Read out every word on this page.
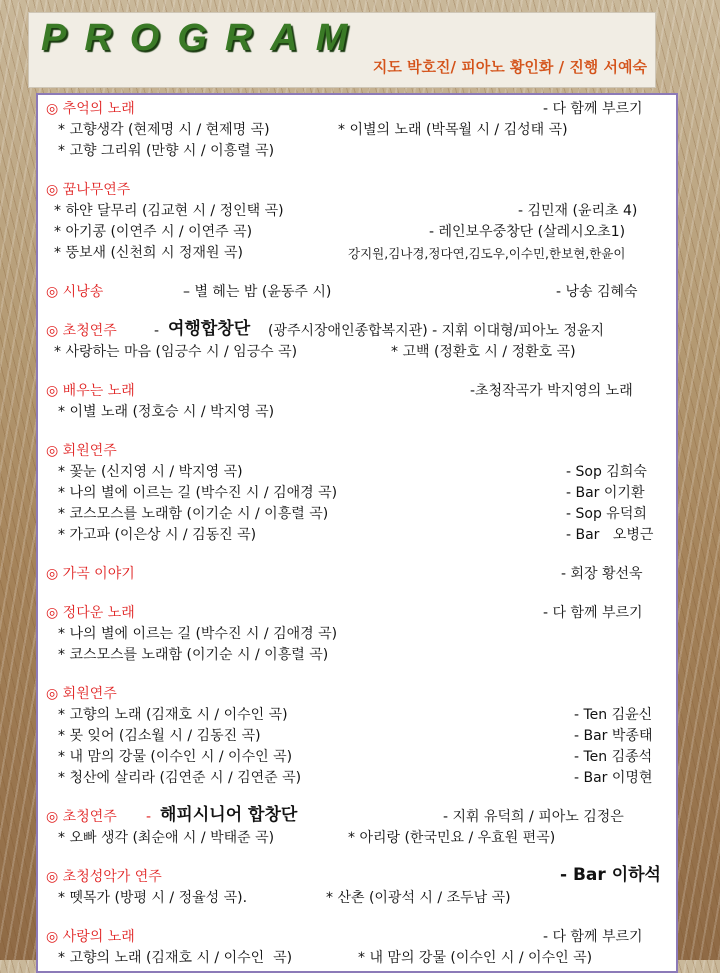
PROGRAM
지도 박호진/ 피아노 황인화 / 진행 서예숙
◎ 추억의 노래	- 다 함께 부르기
* 고향생각 (현제명 시 / 현제명 곡)	* 이별의 노래 (박목월 시 / 김성태 곡)
* 고향 그리워 (만향 시 / 이흥렬 곡)
◎ 꿈나무연주
* 하얀 달무리 (김교현 시 / 정인택 곡)	- 김민재 (윤리초 4)
* 아기콩 (이연주 시 / 이연주 곡)	- 레인보우중창단 (살레시오초1)
* 뚱보새 (신천희 시 정재원 곡)	강지원,김나경,정다연,김도우,이수민,한보현,한윤이
◎ 시낭송	– 별 헤는 밤 (윤동주 시)	- 낭송 김혜숙
◎ 초청연주	- 여행합창단 (광주시장애인종합복지관) - 지휘 이대형/피아노 정윤지
* 사랑하는 마음 (임긍수 시 / 임긍수 곡)	* 고백 (정환호 시 / 정환호 곡)
◎ 배우는 노래	-초청작곡가 박지영의 노래
* 이별 노래 (정호승 시 / 박지영 곡)
◎ 회원연주
* 꽃눈 (신지영 시 / 박지영 곡)	- Sop 김희숙
* 나의 별에 이르는 길 (박수진 시 / 김애경 곡)	- Bar 이기환
* 코스모스를 노래함 (이기순 시 / 이흥렬 곡)	- Sop 유덕희
* 가고파 (이은상 시 / 김동진 곡)	- Bar   오병근
◎ 가곡 이야기	- 회장 황선욱
◎ 정다운 노래	- 다 함께 부르기
* 나의 별에 이르는 길 (박수진 시 / 김애경 곡)
* 코스모스를 노래함 (이기순 시 / 이흥렬 곡)
◎ 회원연주
* 고향의 노래 (김재호 시 / 이수인 곡)	- Ten 김윤신
* 못 잊어 (김소월 시 / 김동진 곡)	- Bar 박종태
* 내 맘의 강물 (이수인 시 / 이수인 곡)	- Ten 김종석
* 청산에 살리라 (김연준 시 / 김연준 곡)	- Bar 이명현
◎ 초청연주 - 해피시니어 합창단	- 지휘 유덕희 / 피아노 김정은
* 오빠 생각 (최순애 시 / 박태준 곡)	* 아리랑 (한국민요 / 우효원 편곡)
◎ 초청성악가 연주	- Bar 이하석
* 뗏목가 (방평 시 / 정율성 곡).	* 산촌 (이광석 시 / 조두남 곡)
◎ 사랑의 노래	- 다 함께 부르기
* 고향의 노래 (김재호 시 / 이수인  곡)	* 내 맘의 강물 (이수인 시 / 이수인 곡)
